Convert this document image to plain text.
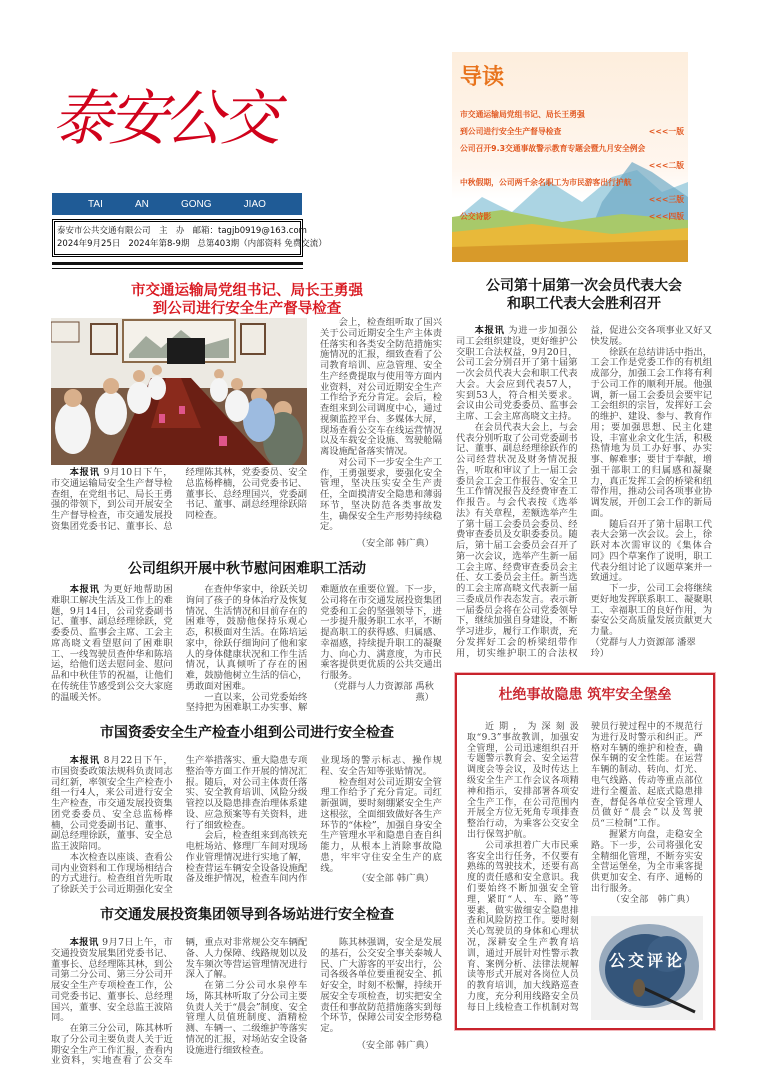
泰安公交
TAI	AN	GONG	JIAO
泰安市公共交通有限公司　主　办 邮箱：tagjb0919@163.com
2024年9月25日 2024年第8-9期 总第403期（内部资料 免费交流）
导读
市交通运输局党组书记、局长王勇强
到公司进行安全生产督导检查	<<<一版
公司召开9.3交通事故警示教育专题会暨九月安全例会
<<<二版
中秋假期，公司两千余名职工为市民游客出行护航
<<<三版
公交诗影	<<<四版
市交通运输局党组书记、局长王勇强
到公司进行安全生产督导检查

本报讯 9月10日下午，市交通运输局安全生产督导检查组，在党组书记、局长王勇强的带领下，到公司开展安全生产督导检查，市交通发展投资集团党委书记、董事长、总经理陈其林，党委委员、安全总监杨桦楠，公司党委书记、董事长、总经理国兴，党委副书记、董事、副总经理徐跃陪同检查。

会上，检查组听取了国兴关于公司近期安全生产主体责任落实和各类安全防范措施实施情况的汇报，细致查看了公司教育培训、应急管理、安全生产经费提取与使用等方面内业资料，对公司近期安全生产工作给予充分肯定。会后，检查组来到公司调度中心，通过视频监控平台、多媒体大屏，现场查看公交车在线运营情况以及车载安全设施、驾驶舱隔离设施配备落实情况。

对公司下一步安全生产工作，王勇强要求，要强化安全管理，坚决压实安全生产责任，全面摸清安全隐患和薄弱环节，坚决防范各类事故发生，确保安全生产形势持续稳定。

（安全部 韩广典）

公司组织开展中秋节慰问困难职工活动

本报讯 为更好地帮助困难职工解决生活及工作上的难题，9月14日，公司党委副书记、董事、副总经理徐跃，党委委员、监事会主席、工会主席高晓文看望慰问了困难职工、一线驾驶员查仲华和陈培运，给他们送去慰问金、慰问品和中秋佳节的祝福，让他们在传统佳节感受到公交大家庭的温暖关怀。

在查仲华家中，徐跃关切询问了孩子的身体治疗及恢复情况、生活情况和目前存在的困难等，鼓励他保持乐观心态，积极面对生活。在陈培运家中，徐跃仔细询问了他和家人的身体健康状况和工作生活情况，认真倾听了存在的困难，鼓励他树立生活的信心，勇敢面对困难。

一直以来，公司党委始终坚持把为困难职工办实事、解难题放在重要位置。下一步，公司将在市交通发展投资集团党委和工会的坚强领导下，进一步提升服务职工水平，不断提高职工的获得感、归属感、幸福感，持续提升职工的凝聚力、向心力、满意度，为市民乘客提供更优质的公共交通出行服务。

（党群与人力资源部 禹秋燕）

市国资委安全生产检查小组到公司进行安全检查

本报讯 8月22日下午，市国资委政策法规科负责同志司红新，率领安全生产检查小组一行4人，来公司进行安全生产检查，市交通发展投资集团党委委员、安全总监杨桦楠，公司党委副书记、董事、副总经理徐跃，董事、安全总监王波陪同。

本次检查以座谈、查看公司内业资料和工作现场相结合的方式进行。检查组首先听取了徐跃关于公司近期强化安全生产举措落实、重大隐患专项整治等方面工作开展的情况汇报。随后，对公司主体责任落实、安全教育培训、风险分级管控以及隐患排查治理体系建设、应急预案等有关资料，进行了细致检查。

会后，检查组来到高铁充电桩场站、修理厂车间对现场作业管理情况进行实地了解，检查营运车辆安全设备设施配备及维护情况，检查车间内作业现场的警示标志、操作规程、安全告知等张贴情况。

检查组对公司近期安全管理工作给予了充分肯定。司红新强调，要时刻绷紧安全生产这根弦，全面细致做好各生产环节的“体检”，加强自身安全生产管理水平和隐患自查自纠能力，从根本上消除事故隐患，牢牢守住安全生产的底线。

（安全部 韩广典）

市交通发展投资集团领导到各场站进行安全检查

本报讯 9月7日上午，市交通投资发展集团党委书记、董事长、总经理陈其林，到公司第二分公司、第三分公司开展安全生产专项检查工作，公司党委书记、董事长、总经理国兴，董事、安全总监王波陪同。

在第三分公司，陈其林听取了分公司主要负责人关于近期安全生产工作汇报，查看内业资料，实地查看了公交车辆，重点对非常规公交车辆配备、人力保障、线路规划以及发车频次等营运管理情况进行深入了解。

在第二分公司水泉停车场，陈其林听取了分公司主要负责人关于“晨会”制度、安全管理人员值班制度、酒精检测、车辆一、二级维护等落实情况的汇报，对场站安全设备设施进行细致检查。

陈其林强调，安全是发展的基石，公交安全事关泰城人民、广大游客的平安出行，公司各级各单位要重视安全、抓好安全，时刻不松懈，持续开展安全专项检查，切实把安全责任和事故防范措施落实到每个环节，保障公司安全形势稳定。

（安全部 韩广典）

公司第十届第一次会员代表大会
和职工代表大会胜利召开

本报讯 为进一步加强公司工会组织建设，更好维护公交职工合法权益，9月20日，公司工会分别召开了第十届第一次会员代表大会和职工代表大会。大会应到代表57人，实到53人，符合相关要求。会议由公司党委委员、监事会主席、工会主席高晓文主持。

在会员代表大会上，与会代表分别听取了公司党委副书记、董事、副总经理徐跃作的公司经营状况及财务情况报告，听取和审议了上一届工会委员会工会工作报告、安全卫生工作情况报告及经费审查工作报告。与会代表按《选举法》有关章程，差额选举产生了第十届工会委员会委员、经费审查委员及女职委委员。随后，第十届工会委员会召开了第一次会议，选举产生新一届工会主席、经费审查委员会主任、女工委员会主任。新当选的工会主席高晓文代表新一届三委成员作表态发言。表示新一届委员会将在公司党委领导下，继续加强自身建设，不断学习进步，履行工作职责，充分发挥好工会的桥梁纽带作用，切实维护职工的合法权益，促进公交各项事业又好又快发展。

徐跃在总结讲话中指出，工会工作是党委工作的有机组成部分，加强工会工作将有利于公司工作的顺利开展。他强调，新一届工会委员会要牢记工会组织的宗旨，发挥好工会的维护、建设、参与、教育作用；要加强思想、民主化建设，丰富业余文化生活，积极热情地为员工办好事、办实事、解难事；要甘于奉献，增强干部职工的归属感和凝聚力，真正发挥工会的桥梁和纽带作用，推动公司各项事业协调发展，开创工会工作的新局面。

随后召开了第十届职工代表大会第一次会议。会上，徐跃对本次需审议的《集体合同》四个草案作了说明，职工代表分组讨论了议题草案并一致通过。

下一步，公司工会将继续更好地发挥联系职工、凝聚职工、幸福职工的良好作用，为泰安公交高质量发展贡献更大力量。

（党群与人力资源部 潘翠玲）

杜绝事故隐患 筑牢安全堡垒

近期，为深刻汲取“9.3”事故教训，加强安全管理，公司迅速组织召开专题警示教育会、安全运营调度会等会议，及时传达上级安全生产工作会议各项精神和指示，安排部署各项安全生产工作，在公司范围内开展全方位无死角专项排查整治行动，为乘客公交安全出行保驾护航。

公司承担着广大市民乘客安全出行任务，不仅要有熟练的驾驶技术，还要有高度的责任感和安全意识。我们要始终不断加强安全管理，紧盯“人、车、路”等要素，做实做细安全隐患排查和风险防控工作。要时刻关心驾驶员的身体和心理状况，深耕安全生产教育培训，通过开展针对性警示教育、案例分析、法律法规解读等形式开展对各岗位人员的教育培训，加大线路巡查力度，充分利用线路安全员每日上线检查工作机制对驾驶员行驶过程中的不规范行为进行及时警示和纠正。严格对车辆的维护和检查，确保车辆的安全性能。在运营车辆的制动、转向、灯光、电气线路、传动等重点部位进行全覆盖、起底式隐患排查，督促各单位安全管理人员做好“晨会”以及驾驶员“三检制”工作。

握紧方向盘，走稳安全路。下一步，公司将强化安全精细化管理，不断夯实安全营运堡垒，为全市乘客提供更加安全、有序、通畅的出行服务。

（安全部　韩广典）

公交评论
